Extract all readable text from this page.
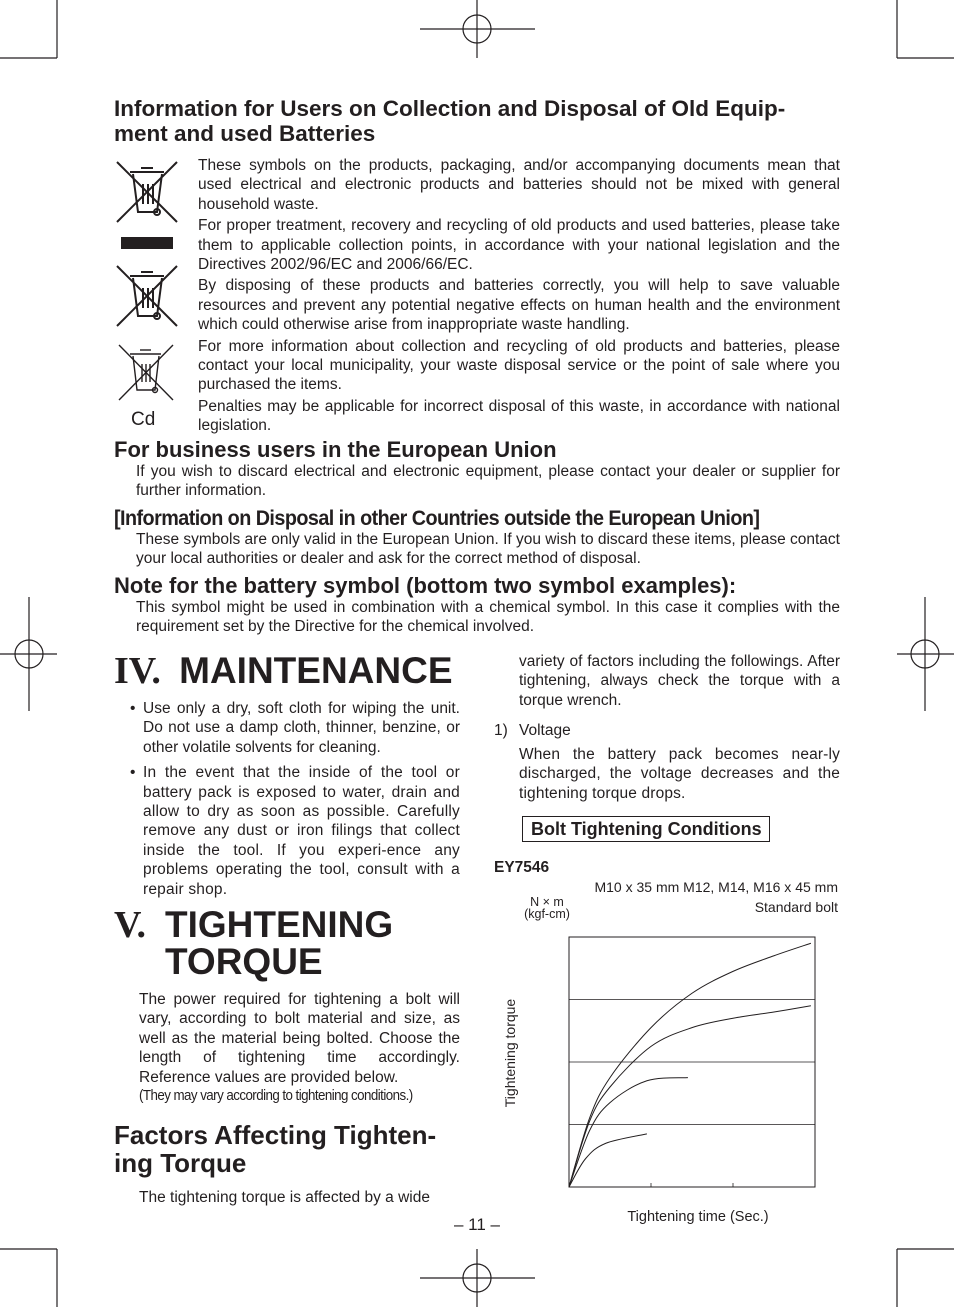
Information for Users on Collection and Disposal of Old Equip-
ment and used Batteries
Cd

These symbols on the products, packaging, and/or accompanying documents mean that used electrical and electronic products and batteries should not be mixed with general household waste.

For proper treatment, recovery and recycling of old products and used batteries, please take them to applicable collection points, in accordance with your national legislation and the Directives 2002/96/EC and 2006/66/EC.

By disposing of these products and batteries correctly, you will help to save valuable resources and prevent any potential negative effects on human health and the environment which could otherwise arise from inappropriate waste handling.

For more information about collection and recycling of old products and batteries, please contact your local municipality, your waste disposal service or the point of sale where you purchased the items.

Penalties may be applicable for incorrect disposal of this waste, in accordance with national legislation.

For business users in the European Union
If you wish to discard electrical and electronic equipment, please contact your dealer or supplier for further information.
[Information on Disposal in other Countries outside the European Union]
These symbols are only valid in the European Union. If you wish to discard these items, please contact your local authorities or dealer and ask for the correct method of disposal.
Note for the battery symbol (bottom two symbol examples):
This symbol might be used in combination with a chemical symbol. In this case it complies with the requirement set by the Directive for the chemical involved.
IV. MAINTENANCE
• Use only a dry, soft cloth for wiping the unit. Do not use a damp cloth, thinner, benzine, or other volatile solvents for cleaning.
• In the event that the inside of the tool or battery pack is exposed to water, drain and allow to dry as soon as possible. Carefully remove any dust or iron filings that collect inside the tool. If you experi-ence any problems operating the tool, consult with a repair shop.
V. TIGHTENING
TORQUE

The power required for tightening a bolt will vary, according to bolt material and size, as well as the material being bolted. Choose the length of tightening time accordingly. Reference values are provided below.

(They may vary according to tightening conditions.)

Factors Affecting Tighten-
ing Torque
The tightening torque is affected by a wide
variety of factors including the followings. After tightening, always check the torque with a torque wrench.
1) Voltage
When the battery pack becomes near-ly discharged, the voltage decreases and the tightening torque drops.
Bolt Tightening Conditions
EY7546
M10 x 35 mm M12, M14, M16 x 45 mm
Standard bolt
N × m
(kgf-cm)
Tightening torque
Tightening time (Sec.)
– 11 –
